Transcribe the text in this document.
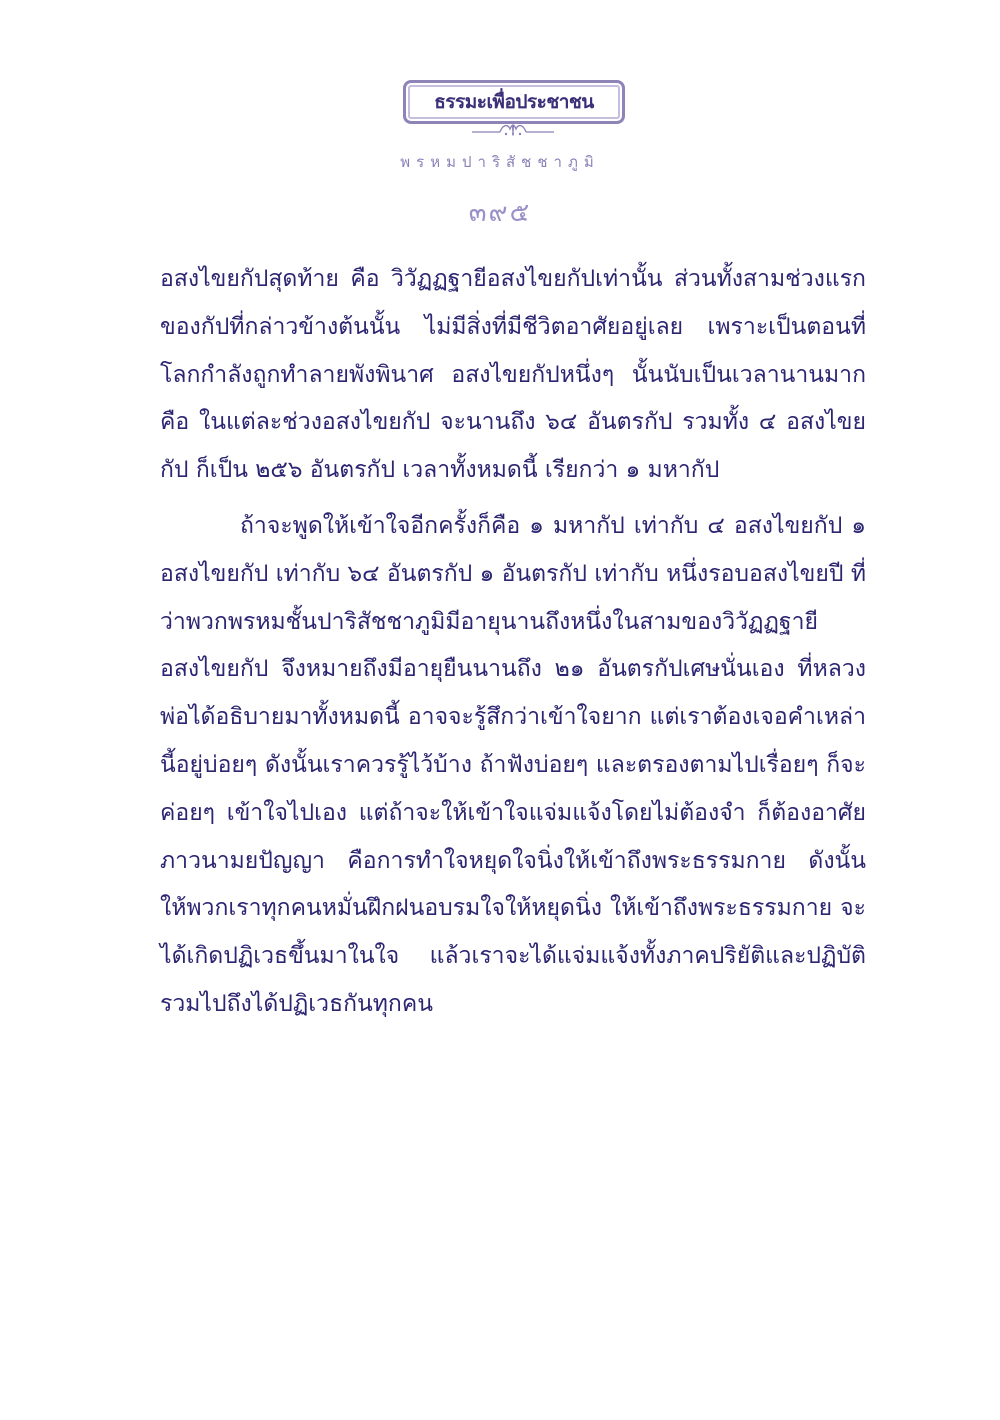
ธรรมะเพื่อประชาชน
พรหมปาริสัชชาภูมิ
๓๙๕

อสงไขยกัปสุดท้าย คือ วิวัฏฏฐายีอสงไขยกัปเท่านั้น ส่วนทั้งสามช่วงแรกของกัปที่กล่าวข้างต้นนั้น ไม่มีสิ่งที่มีชีวิตอาศัยอยู่เลย เพราะเป็นตอนที่โลกกำลังถูกทำลายพังพินาศ อสงไขยกัปหนึ่งๆ นั้นนับเป็นเวลานานมาก คือ ในแต่ละช่วงอสงไขยกัป จะนานถึง ๖๔ อันตรกัป รวมทั้ง ๔ อสงไขยกัป ก็เป็น ๒๕๖ อันตรกัป เวลาทั้งหมดนี้ เรียกว่า ๑ มหากัป

ถ้าจะพูดให้เข้าใจอีกครั้งก็คือ ๑ มหากัป เท่ากับ ๔ อสงไขยกัป ๑ อสงไขยกัป เท่ากับ ๖๔ อันตรกัป ๑ อันตรกัป เท่ากับ หนึ่งรอบอสงไขยปี ที่ว่าพวกพรหมชั้นปาริสัชชาภูมิมีอายุนานถึงหนึ่งในสามของวิวัฏฏฐายีอสงไขยกัป จึงหมายถึงมีอายุยืนนานถึง ๒๑ อันตรกัปเศษนั่นเอง ที่หลวงพ่อได้อธิบายมาทั้งหมดนี้ อาจจะรู้สึกว่าเข้าใจยาก แต่เราต้องเจอคำเหล่านี้อยู่บ่อยๆ ดังนั้นเราควรรู้ไว้บ้าง ถ้าฟังบ่อยๆ และตรองตามไปเรื่อยๆ ก็จะค่อยๆ เข้าใจไปเอง แต่ถ้าจะให้เข้าใจแจ่มแจ้งโดยไม่ต้องจำ ก็ต้องอาศัยภาวนามยปัญญา คือการทำใจหยุดใจนิ่งให้เข้าถึงพระธรรมกาย ดังนั้น ให้พวกเราทุกคนหมั่นฝึกฝนอบรมใจให้หยุดนิ่ง ให้เข้าถึงพระธรรมกาย จะได้เกิดปฏิเวธขึ้นมาในใจ แล้วเราจะได้แจ่มแจ้งทั้งภาคปริยัติและปฏิบัติรวมไปถึงได้ปฏิเวธกันทุกคน
